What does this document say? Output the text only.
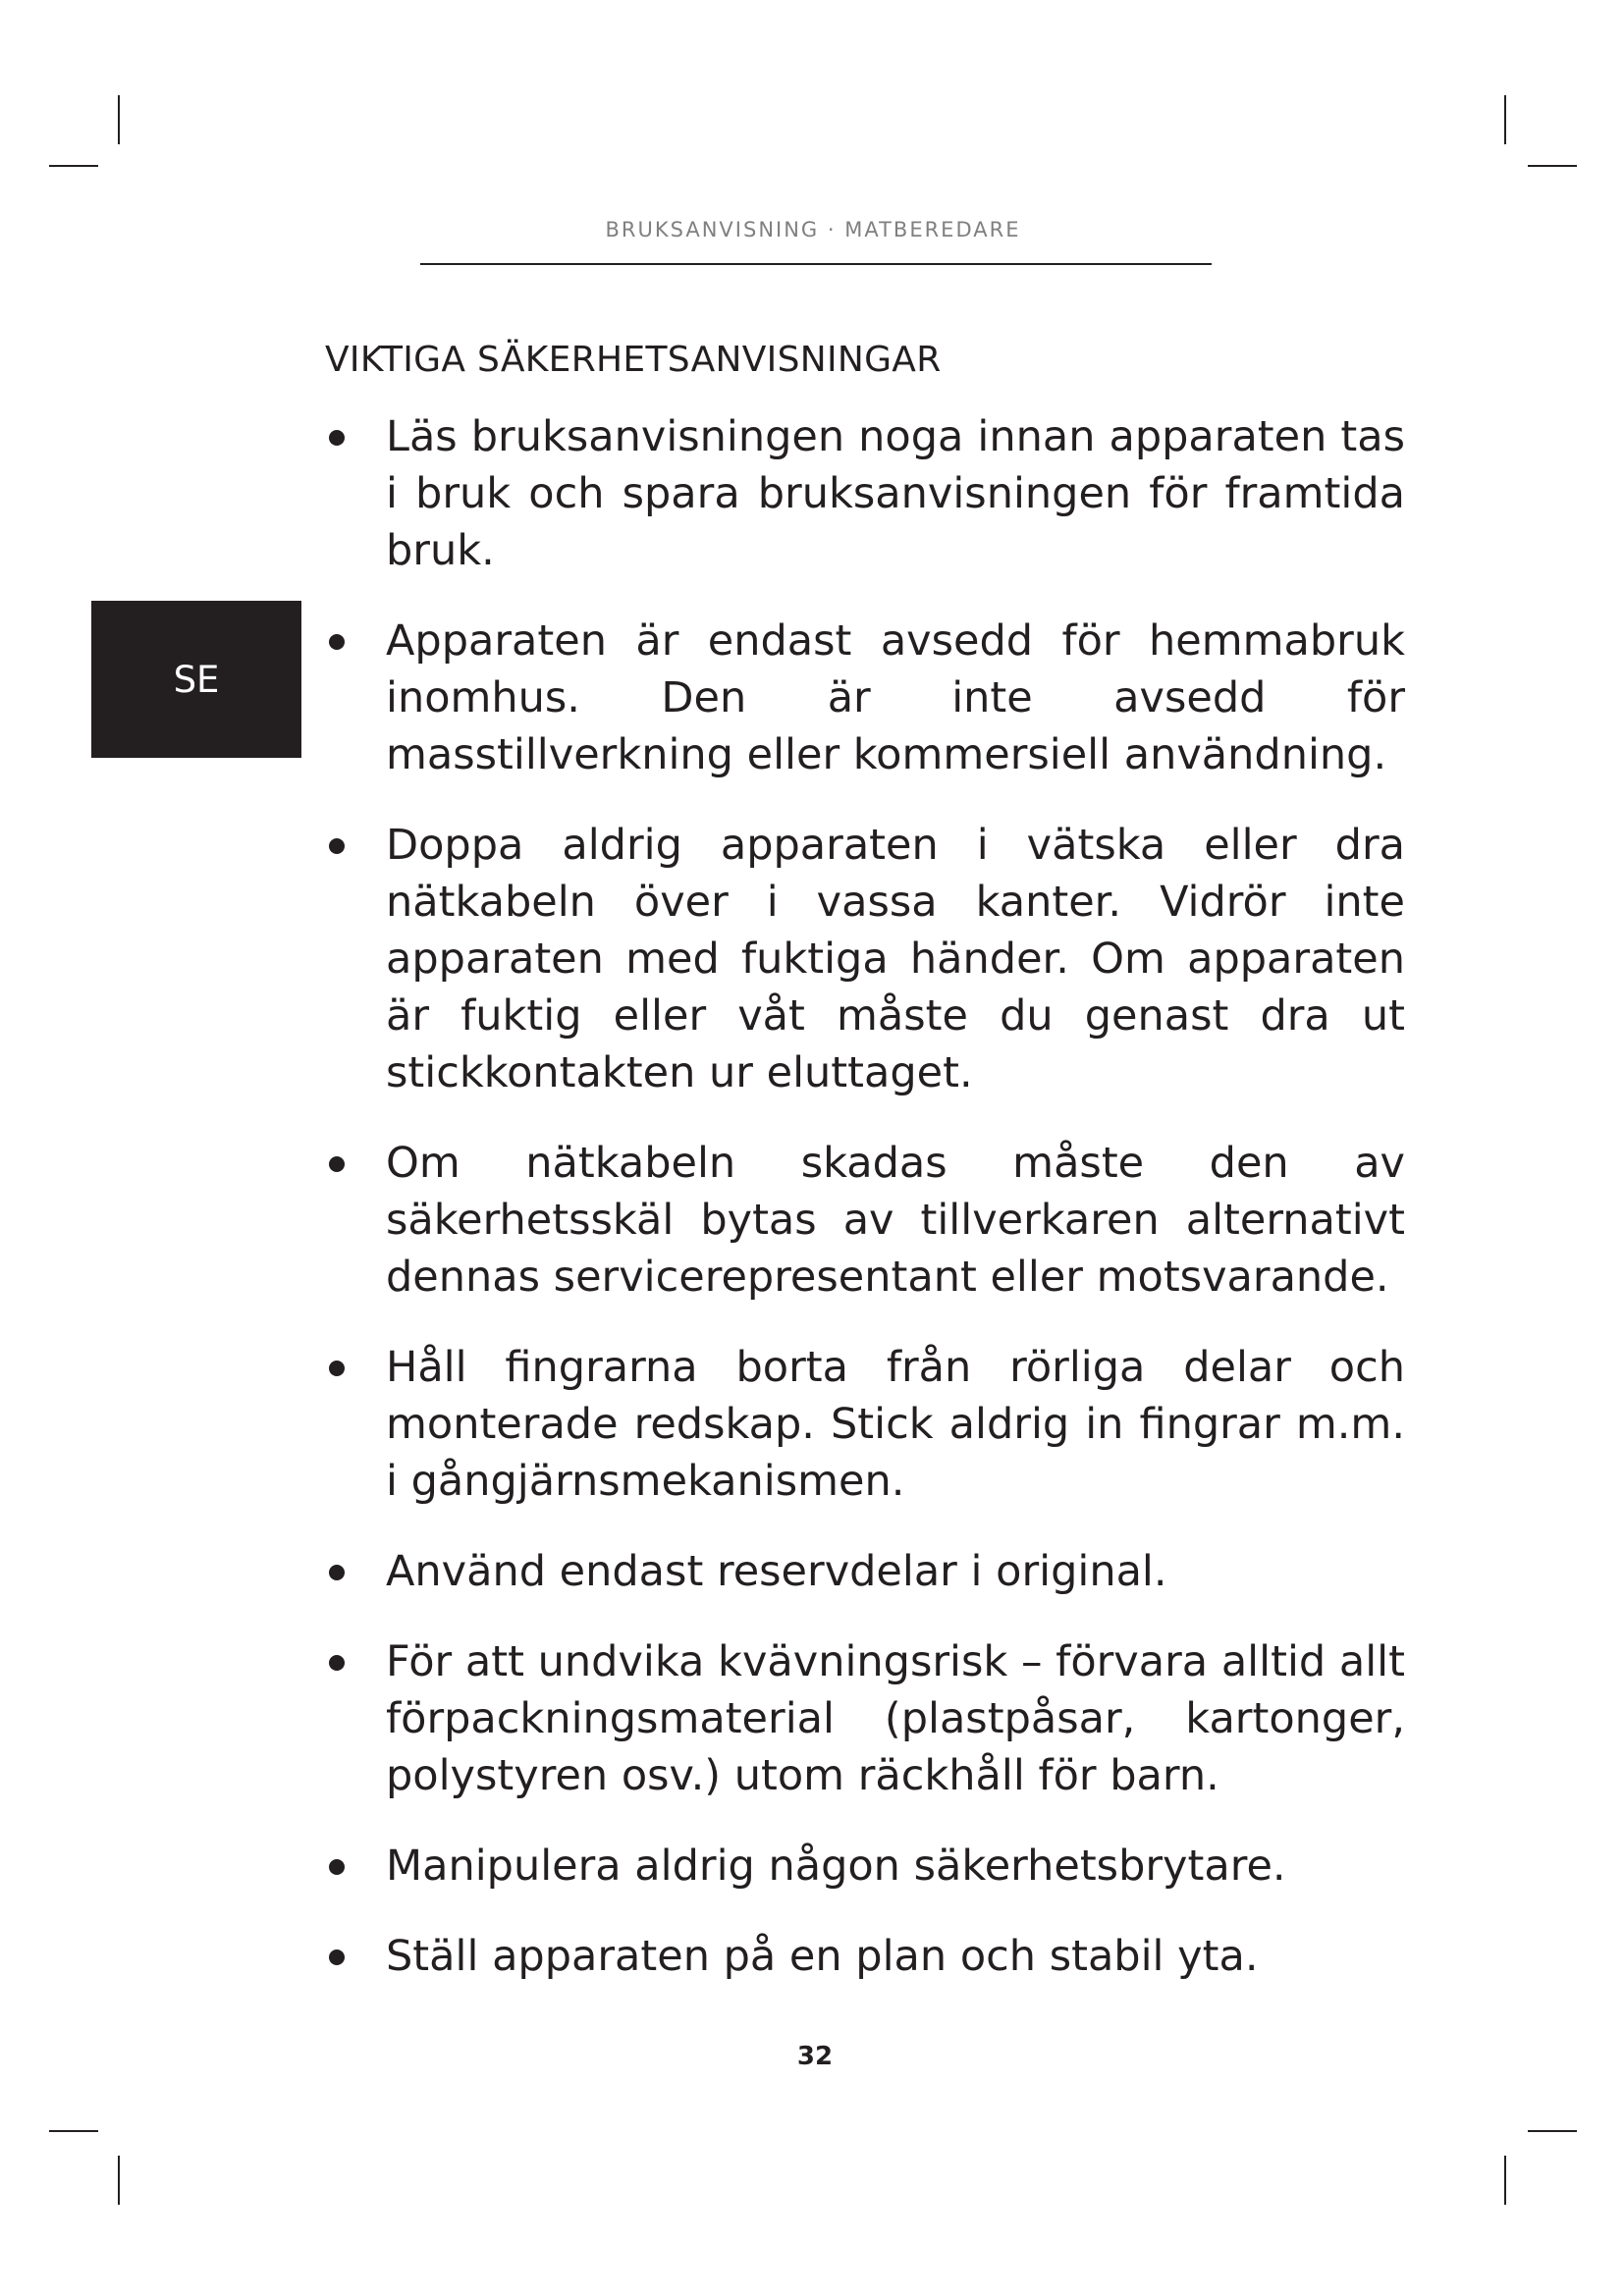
BRUKSANVISNING · MATBEREDARE
SE
VIKTIGA SÄKERHETSANVISNINGAR
Läs bruksanvisningen noga innan apparaten tas i bruk och spara bruksanvisningen för framtida bruk.
Apparaten är endast avsedd för hemmabruk inomhus. Den är inte avsedd för masstillverkning eller kommersiell användning.
Doppa aldrig apparaten i vätska eller dra nätkabeln över i vassa kanter. Vidrör inte apparaten med fuktiga händer. Om apparaten är fuktig eller våt måste du genast dra ut stickkontakten ur eluttaget.
Om nätkabeln skadas måste den av säkerhetsskäl bytas av tillverkaren alternativt dennas servicerepresentant eller motsvarande.
Håll fingrarna borta från rörliga delar och monterade redskap. Stick aldrig in fingrar m.m. i gångjärnsmekanismen.
Använd endast reservdelar i original.
För att undvika kvävningsrisk – förvara alltid allt förpackningsmaterial (plastpåsar, kartonger, polystyren osv.) utom räckhåll för barn.
Manipulera aldrig någon säkerhetsbrytare.
Ställ apparaten på en plan och stabil yta.
32
